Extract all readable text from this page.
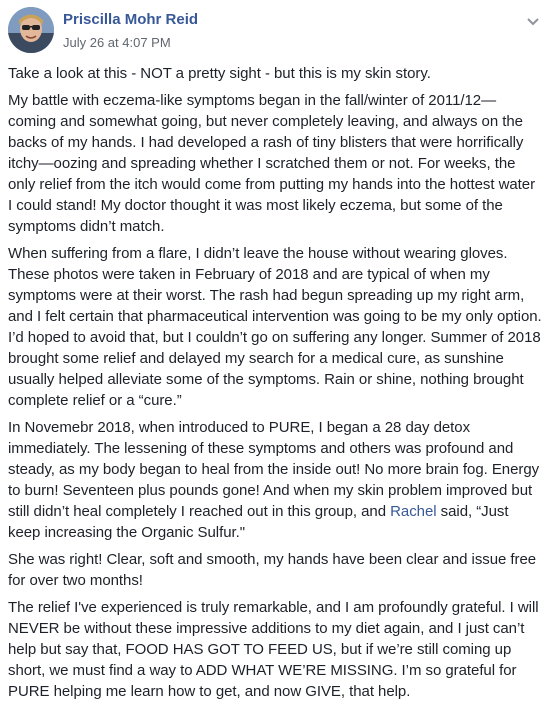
Priscilla Mohr Reid
July 26 at 4:07 PM

Take a look at this - NOT a pretty sight - but this is my skin story.

My battle with eczema-like symptoms began in the fall/winter of 2011/12— coming and somewhat going, but never completely leaving, and always on the backs of my hands. I had developed a rash of tiny blisters that were horrifically itchy—oozing and spreading whether I scratched them or not. For weeks, the only relief from the itch would come from putting my hands into the hottest water I could stand! My doctor thought it was most likely eczema, but some of the symptoms didn’t match.

When suffering from a flare, I didn’t leave the house without wearing gloves. These photos were taken in February of 2018 and are typical of when my symptoms were at their worst. The rash had begun spreading up my right arm, and I felt certain that pharmaceutical intervention was going to be my only option. I’d hoped to avoid that, but I couldn’t go on suffering any longer. Summer of 2018 brought some relief and delayed my search for a medical cure, as sunshine usually helped alleviate some of the symptoms. Rain or shine, nothing brought complete relief or a “cure.”

In Novemebr 2018, when introduced to PURE, I began a 28 day detox immediately. The lessening of these symptoms and others was profound and steady, as my body began to heal from the inside out! No more brain fog. Energy to burn! Seventeen plus pounds gone! And when my skin problem improved but still didn’t heal completely I reached out in this group, and Rachel said, “Just keep increasing the Organic Sulfur."

She was right! Clear, soft and smooth, my hands have been clear and issue free for over two months!

The relief I've experienced is truly remarkable, and I am profoundly grateful. I will NEVER be without these impressive additions to my diet again, and I just can’t help but say that, FOOD HAS GOT TO FEED US, but if we’re still coming up short, we must find a way to ADD WHAT WE’RE MISSING. I’m so grateful for PURE helping me learn how to get, and now GIVE, that help.
